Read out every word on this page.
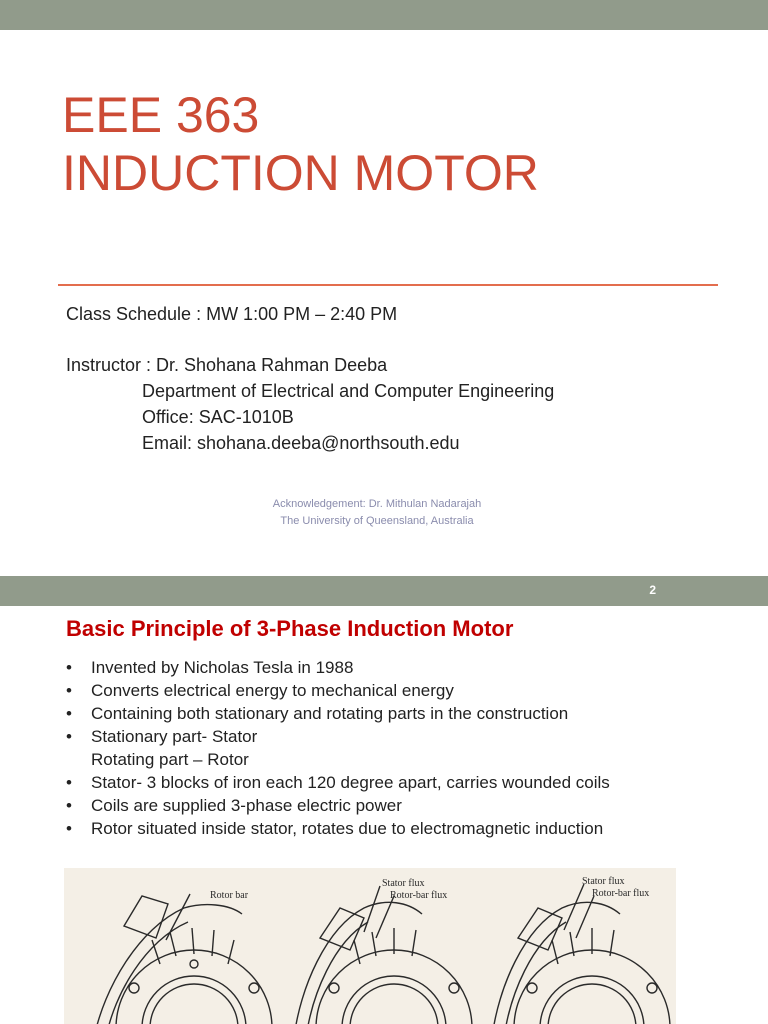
EEE 363
INDUCTION MOTOR
Class Schedule : MW 1:00 PM – 2:40 PM
Instructor : Dr. Shohana Rahman Deeba
Department of Electrical and Computer Engineering
Office: SAC-1010B
Email: shohana.deeba@northsouth.edu
Acknowledgement: Dr. Mithulan Nadarajah
The University of Queensland, Australia
2
Basic Principle of 3-Phase Induction Motor
• Invented by Nicholas Tesla in 1988
• Converts electrical energy to mechanical energy
• Containing both stationary and rotating parts in the construction
• Stationary part- Stator
Rotating part – Rotor
• Stator- 3 blocks of iron each 120 degree apart, carries wounded coils
• Coils are supplied 3-phase electric power
• Rotor situated inside stator, rotates due to electromagnetic induction
Rotor bar
Stator flux
Rotor-bar flux
Stator flux
Rotor-bar flux
